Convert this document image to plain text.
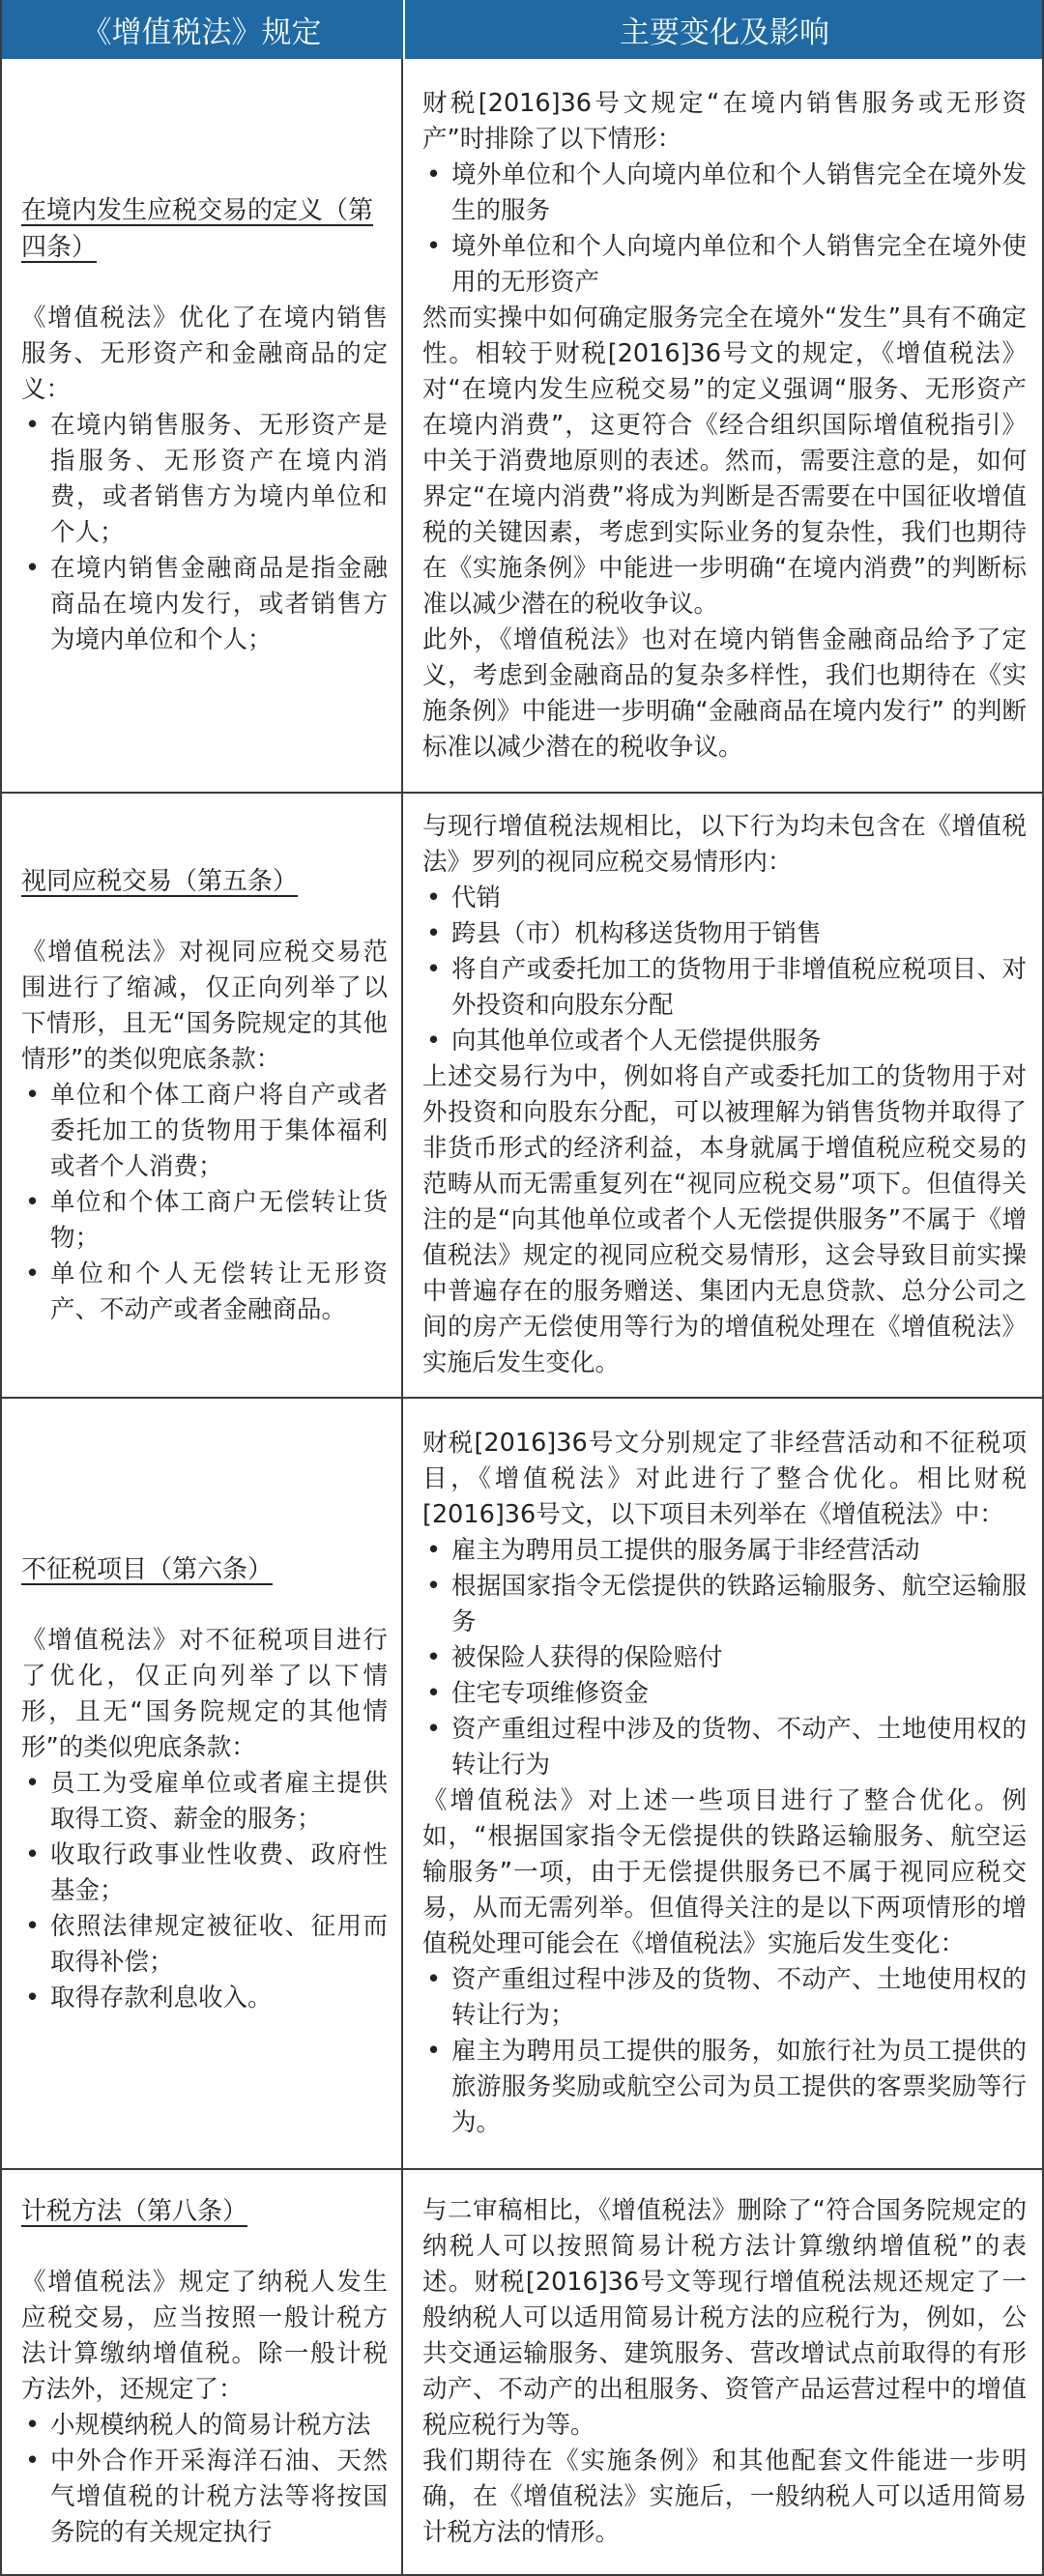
《增值税法》规定	主要变化及影响
在境内发生应税交易的定义（第四条）
《增值税法》优化了在境内销售服务、无形资产和金融商品的定义：
• 在境内销售服务、无形资产是指服务、无形资产在境内消费，或者销售方为境内单位和个人；
• 在境内销售金融商品是指金融商品在境内发行，或者销售方为境内单位和个人；
财税[2016]36号文规定“在境内销售服务或无形资产”时排除了以下情形：
• 境外单位和个人向境内单位和个人销售完全在境外发生的服务
• 境外单位和个人向境内单位和个人销售完全在境外使用的无形资产
然而实操中如何确定服务完全在境外“发生”具有不确定性。相较于财税[2016]36号文的规定，《增值税法》对“在境内发生应税交易”的定义强调“服务、无形资产在境内消费”，这更符合《经合组织国际增值税指引》中关于消费地原则的表述。然而，需要注意的是，如何界定“在境内消费”将成为判断是否需要在中国征收增值税的关键因素，考虑到实际业务的复杂性，我们也期待在《实施条例》中能进一步明确“在境内消费”的判断标准以减少潜在的税收争议。
此外，《增值税法》也对在境内销售金融商品给予了定义，考虑到金融商品的复杂多样性，我们也期待在《实施条例》中能进一步明确“金融商品在境内发行” 的判断标准以减少潜在的税收争议。
视同应税交易（第五条）
《增值税法》对视同应税交易范围进行了缩减，仅正向列举了以下情形，且无“国务院规定的其他情形”的类似兜底条款：
• 单位和个体工商户将自产或者委托加工的货物用于集体福利或者个人消费；
• 单位和个体工商户无偿转让货物；
• 单位和个人无偿转让无形资产、不动产或者金融商品。
与现行增值税法规相比，以下行为均未包含在《增值税法》罗列的视同应税交易情形内：
• 代销
• 跨县（市）机构移送货物用于销售
• 将自产或委托加工的货物用于非增值税应税项目、对外投资和向股东分配
• 向其他单位或者个人无偿提供服务
上述交易行为中，例如将自产或委托加工的货物用于对外投资和向股东分配，可以被理解为销售货物并取得了非货币形式的经济利益，本身就属于增值税应税交易的范畴从而无需重复列在“视同应税交易”项下。但值得关注的是“向其他单位或者个人无偿提供服务”不属于《增值税法》规定的视同应税交易情形，这会导致目前实操中普遍存在的服务赠送、集团内无息贷款、总分公司之间的房产无偿使用等行为的增值税处理在《增值税法》实施后发生变化。
不征税项目（第六条）
《增值税法》对不征税项目进行了优化，仅正向列举了以下情形，且无“国务院规定的其他情形”的类似兜底条款：
• 员工为受雇单位或者雇主提供取得工资、薪金的服务；
• 收取行政事业性收费、政府性基金；
• 依照法律规定被征收、征用而取得补偿；
• 取得存款利息收入。
财税[2016]36号文分别规定了非经营活动和不征税项目，《增值税法》对此进行了整合优化。相比财税[2016]36号文，以下项目未列举在《增值税法》中：
• 雇主为聘用员工提供的服务属于非经营活动
• 根据国家指令无偿提供的铁路运输服务、航空运输服务
• 被保险人获得的保险赔付
• 住宅专项维修资金
• 资产重组过程中涉及的货物、不动产、土地使用权的转让行为
《增值税法》对上述一些项目进行了整合优化。例如，“根据国家指令无偿提供的铁路运输服务、航空运输服务”一项，由于无偿提供服务已不属于视同应税交易，从而无需列举。但值得关注的是以下两项情形的增值税处理可能会在《增值税法》实施后发生变化：
• 资产重组过程中涉及的货物、不动产、土地使用权的转让行为；
• 雇主为聘用员工提供的服务，如旅行社为员工提供的旅游服务奖励或航空公司为员工提供的客票奖励等行为。
计税方法（第八条）
《增值税法》规定了纳税人发生应税交易，应当按照一般计税方法计算缴纳增值税。除一般计税方法外，还规定了：
• 小规模纳税人的简易计税方法
• 中外合作开采海洋石油、天然气增值税的计税方法等将按国务院的有关规定执行
与二审稿相比，《增值税法》删除了“符合国务院规定的纳税人可以按照简易计税方法计算缴纳增值税”的表述。财税[2016]36号文等现行增值税法规还规定了一般纳税人可以适用简易计税方法的应税行为，例如，公共交通运输服务、建筑服务、营改增试点前取得的有形动产、不动产的出租服务、资管产品运营过程中的增值税应税行为等。
我们期待在《实施条例》和其他配套文件能进一步明确，在《增值税法》实施后，一般纳税人可以适用简易计税方法的情形。
